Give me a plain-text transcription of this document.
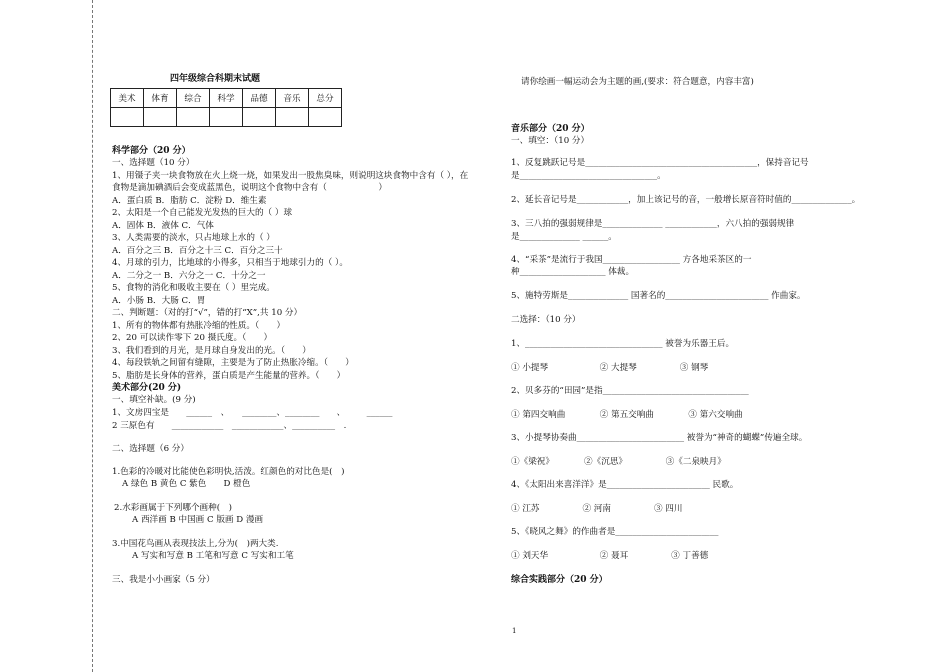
四年级综合科期末试题
美术	体育	综合	科学	品德	音乐	总分

科学部分（20 分）
一、选择题（10 分）
1、用镊子夹一块食物放在火上烧一烧，如果发出一股焦臭味，则说明这块食物中含有（ ），在
食物是滴加碘酒后会变成蓝黑色，说明这个食物中含有（　　　　　　）
A．蛋白质 B．脂肪 C．淀粉 D．维生素
2、太阳是一个自己能发光发热的巨大的（ ）球
A．固体 B．液体 C．气体
3、人类需要的淡水，只占地球上水的（ ）
A．百分之三 B．百分之十三 C．百分之三十
4、月球的引力，比地球的小得多，只相当于地球引力的（ ）。
A．二分之一 B．六分之一 C．十分之一
5、食物的消化和吸收主要在（ ）里完成。
A．小肠 B．大肠 C．胃
二、判断题：（对的打“√”，错的打“X”,共 10 分）
1、所有的物体都有热胀冷缩的性质。（　　）
2、20 可以读作零下 20 摄氏度。（　　）
3、我们看到的月光，是月球自身发出的光。（　　）
4、每段铁轨之间留有缝隙，主要是为了防止热胀冷缩。（　　）
5、脂肪是长身体的营养，蛋白质是产生能量的营养。（　　）
美术部分(20 分)
一、填空补缺。(9 分)
1、文房四宝是　　______　、　　________、________　　、　　　______
2 三原色有　　____________　____________、__________　.
二、选择题（6 分）
1.色彩的冷暖对比能使色彩明快,活泼。红颜色的对比色是(　)
A 绿色 B 黄色 C 紫色　　D 橙色
2.水彩画属于下列哪个画种(　)
A 西洋画 B 中国画 C 版画 D 漫画
3.中国花鸟画从表现技法上,分为(　)两大类.
A 写实和写意 B 工笔和写意 C 写实和工笔
三、我是小小画家（5 分）
请你绘画一幅运动会为主题的画,(要求：符合题意，内容丰富)
音乐部分（20 分）
一、填空：（10 分）
1、反复跳跃记号是________________________________________，保持音记号
是________________________________。
2、延长音记号是____________，加上该记号的音，一般增长原音符时值的______________。
3、三八拍的强弱规律是______________ ____________，六八拍的强弱规律
是______________ ______。
4、“采茶”是流行于我国__________________ 方各地采茶区的一
种____________________ 体裁。
5、施特劳斯是______________ 国著名的________________________ 作曲家。
二选择：（10 分）
1、________________________________ 被誉为乐器王后。
① 小提琴　　　　　　② 大提琴　　　　　③ 钢琴
2、贝多芬的“田园”是指__________________________________
① 第四交响曲　　　　② 第五交响曲　　　　③ 第六交响曲
3、小提琴协奏曲_________________________ 被誉为“神奇的蝴蝶”传遍全球。
①《梁祝》　　　　②《沉思》　　　　　③《二泉映月》
4、《太阳出来喜洋洋》是________________________ 民歌。
① 江苏　　　　　② 河南　　　　　③ 四川
5、《晓风之舞》的作曲者是________________________
① 刘天华　　　　　　② 聂耳　　　　　③ 丁善德
综合实践部分（20 分）
1
